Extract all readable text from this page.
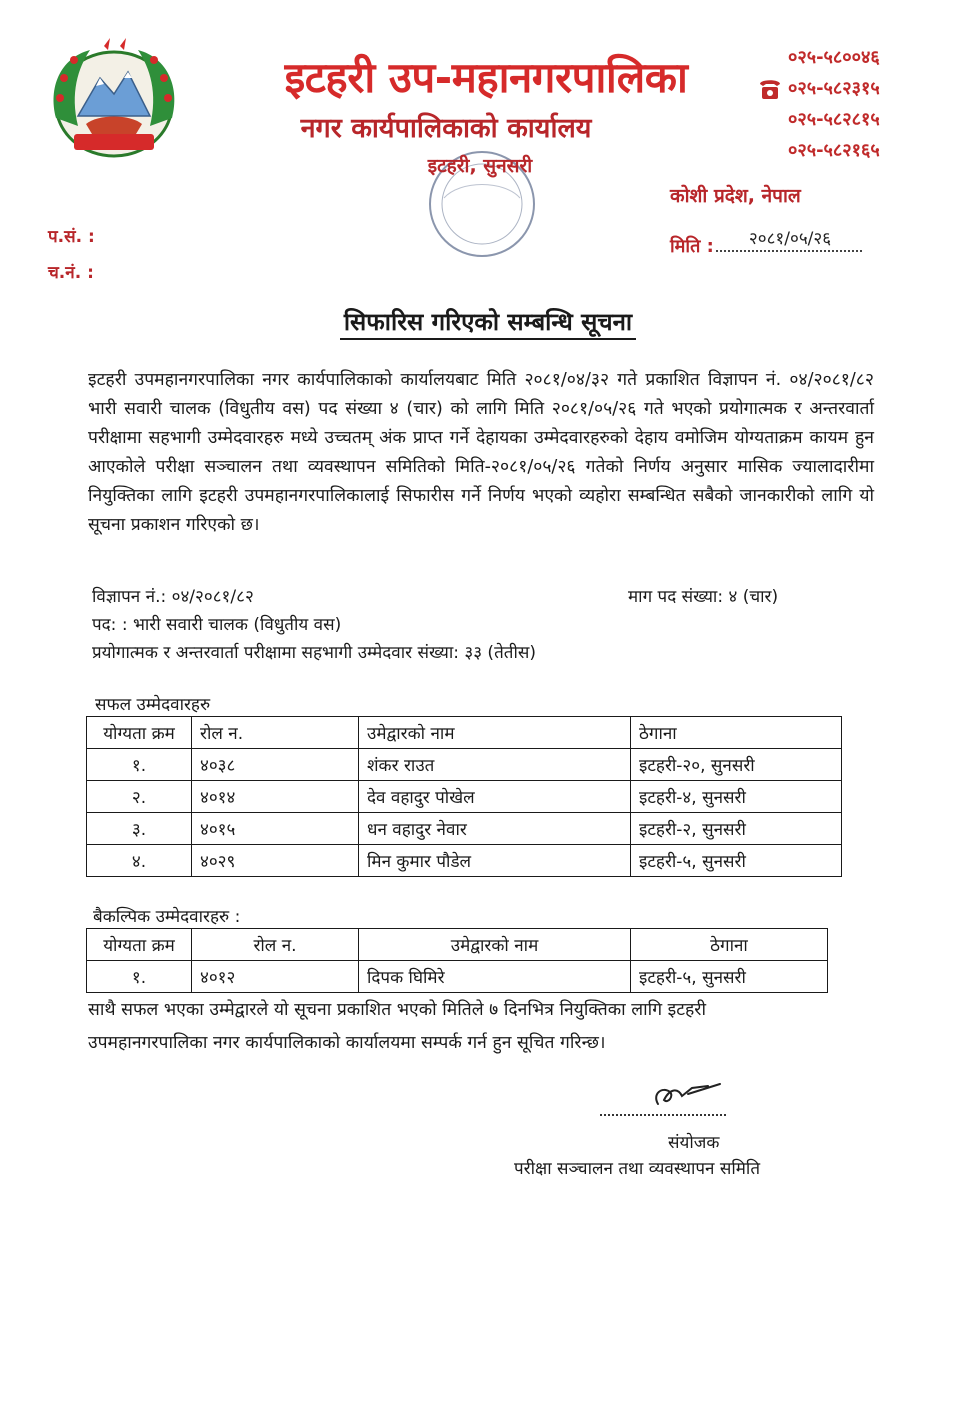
इटहरी उप-महानगरपालिका
नगर कार्यपालिकाको कार्यालय
इटहरी, सुनसरी
०२५-५८००४६
०२५-५८२३१५
०२५-५८२८१५
०२५-५८२१६५
कोशी प्रदेश, नेपाल
प.सं. :
च.नं. :
मिति :	२०८१/०५/२६
सिफारिस गरिएको सम्बन्धि सूचना
इटहरी उपमहानगरपालिका नगर कार्यपालिकाको कार्यालयबाट मिति २०८१/०४/३२ गते प्रकाशित विज्ञापन नं. ०४/२०८१/८२ भारी सवारी चालक (विधुतीय वस) पद संख्या ४ (चार) को लागि मिति २०८१/०५/२६ गते भएको प्रयोगात्मक र अन्तरवार्ता परीक्षामा सहभागी उम्मेदवारहरु मध्ये उच्चतम् अंक प्राप्त गर्ने देहायका उम्मेदवारहरुको देहाय वमोजिम योग्यताक्रम कायम हुन आएकोले परीक्षा सञ्चालन तथा व्यवस्थापन समितिको मिति-२०८१/०५/२६ गतेको निर्णय अनुसार मासिक ज्यालादारीमा नियुक्तिका लागि इटहरी उपमहानगरपालिकालाई सिफारीस गर्ने निर्णय भएको व्यहोरा सम्बन्धित सबैको जानकारीको लागि यो सूचना प्रकाशन गरिएको छ।
विज्ञापन नं.: ०४/२०८१/८२	माग पद संख्या: ४ (चार)
पद: : भारी सवारी चालक (विधुतीय वस)
प्रयोगात्मक र अन्तरवार्ता परीक्षामा सहभागी उम्मेदवार संख्या: ३३ (तेतीस)
सफल उम्मेदवारहरु
योग्यता क्रम	रोल न.	उमेद्वारको नाम	ठेगाना
१.	४०३८	शंकर राउत	इटहरी-२०, सुनसरी
२.	४०१४	देव वहादुर पोखेल	इटहरी-४, सुनसरी
३.	४०१५	धन वहादुर नेवार	इटहरी-२, सुनसरी
४.	४०२९	मिन कुमार पौडेल	इटहरी-५, सुनसरी
बैकल्पिक उम्मेदवारहरु :
योग्यता क्रम	रोल न.	उमेद्वारको नाम	ठेगाना
१.	४०१२	दिपक घिमिरे	इटहरी-५, सुनसरी
साथै सफल भएका उम्मेद्वारले यो सूचना प्रकाशित भएको मितिले ७ दिनभित्र नियुक्तिका लागि इटहरी उपमहानगरपालिका नगर कार्यपालिकाको कार्यालयमा सम्पर्क गर्न हुन सूचित गरिन्छ।
संयोजक
परीक्षा सञ्चालन तथा व्यवस्थापन समिति
